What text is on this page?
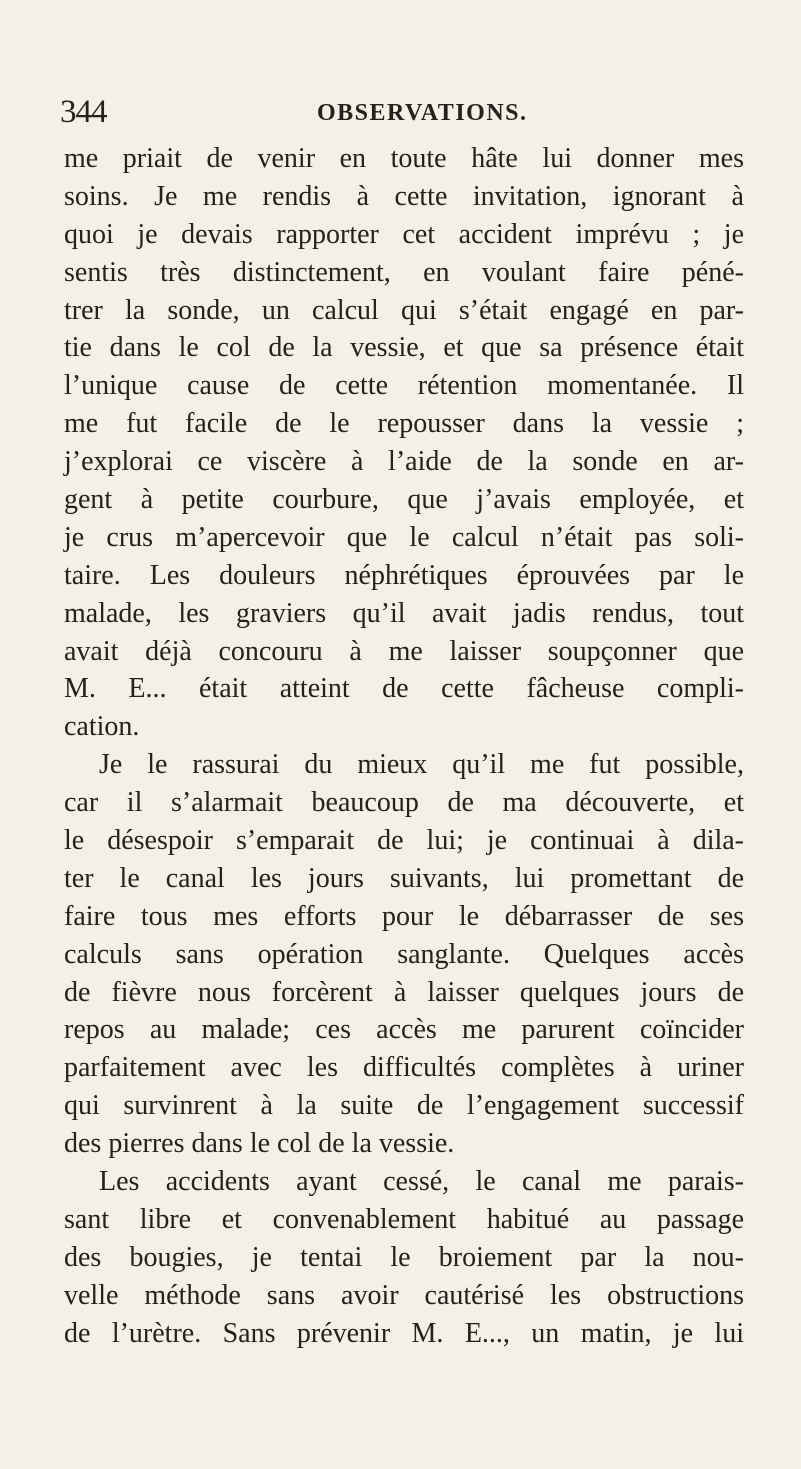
344	OBSERVATIONS.
me priait de venir en toute hâte lui donner mes
soins. Je me rendis à cette invitation, ignorant à
quoi je devais rapporter cet accident imprévu ; je
sentis très distinctement, en voulant faire péné-
trer la sonde, un calcul qui s’était engagé en par-
tie dans le col de la vessie, et que sa présence était
l’unique cause de cette rétention momentanée. Il
me fut facile de le repousser dans la vessie ;
j’explorai ce viscère à l’aide de la sonde en ar-
gent à petite courbure, que j’avais employée, et
je crus m’apercevoir que le calcul n’était pas soli-
taire. Les douleurs néphrétiques éprouvées par le
malade, les graviers qu’il avait jadis rendus, tout
avait déjà concouru à me laisser soupçonner que
M. E... était atteint de cette fâcheuse compli-
cation.
Je le rassurai du mieux qu’il me fut possible,
car il s’alarmait beaucoup de ma découverte, et
le désespoir s’emparait de lui; je continuai à dila-
ter le canal les jours suivants, lui promettant de
faire tous mes efforts pour le débarrasser de ses
calculs sans opération sanglante. Quelques accès
de fièvre nous forcèrent à laisser quelques jours de
repos au malade; ces accès me parurent coïncider
parfaitement avec les difficultés complètes à uriner
qui survinrent à la suite de l’engagement successif
des pierres dans le col de la vessie.
Les accidents ayant cessé, le canal me parais-
sant libre et convenablement habitué au passage
des bougies, je tentai le broiement par la nou-
velle méthode sans avoir cautérisé les obstructions
de l’urètre. Sans prévenir M. E..., un matin, je lui
